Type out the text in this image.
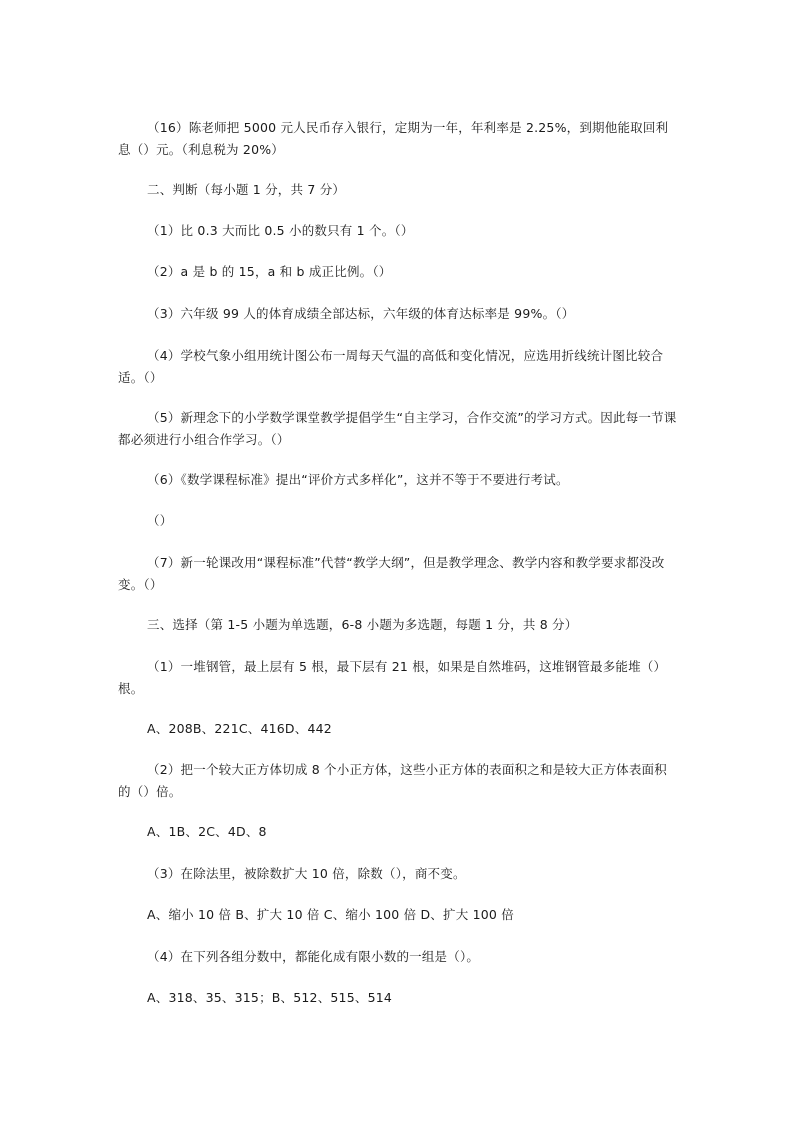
（16）陈老师把 5000 元人民币存入银行，定期为一年，年利率是 2.25%，到期他能取回利息（）元。（利息税为 20%）

二、判断（每小题 1 分，共 7 分）

（1）比 0.3 大而比 0.5 小的数只有 1 个。（）

（2）a 是 b 的 15，a 和 b 成正比例。（）

（3）六年级 99 人的体育成绩全部达标，六年级的体育达标率是 99%。（）

（4）学校气象小组用统计图公布一周每天气温的高低和变化情况，应选用折线统计图比较合适。（）

（5）新理念下的小学数学课堂教学提倡学生“自主学习，合作交流”的学习方式。因此每一节课都必须进行小组合作学习。（）

（6）《数学课程标准》提出“评价方式多样化”，这并不等于不要进行考试。

（）

（7）新一轮课改用“课程标准”代替“教学大纲”，但是教学理念、教学内容和教学要求都没改变。（）

三、选择（第 1-5 小题为单选题，6-8 小题为多选题，每题 1 分，共 8 分）

（1）一堆钢管，最上层有 5 根，最下层有 21 根，如果是自然堆码，这堆钢管最多能堆（）根。

A、208B、221C、416D、442

（2）把一个较大正方体切成 8 个小正方体，这些小正方体的表面积之和是较大正方体表面积的（）倍。

A、1B、2C、4D、8

（3）在除法里，被除数扩大 10 倍，除数（），商不变。

A、缩小 10 倍 B、扩大 10 倍 C、缩小 100 倍 D、扩大 100 倍

（4）在下列各组分数中，都能化成有限小数的一组是（）。

A、318、35、315；B、512、515、514
